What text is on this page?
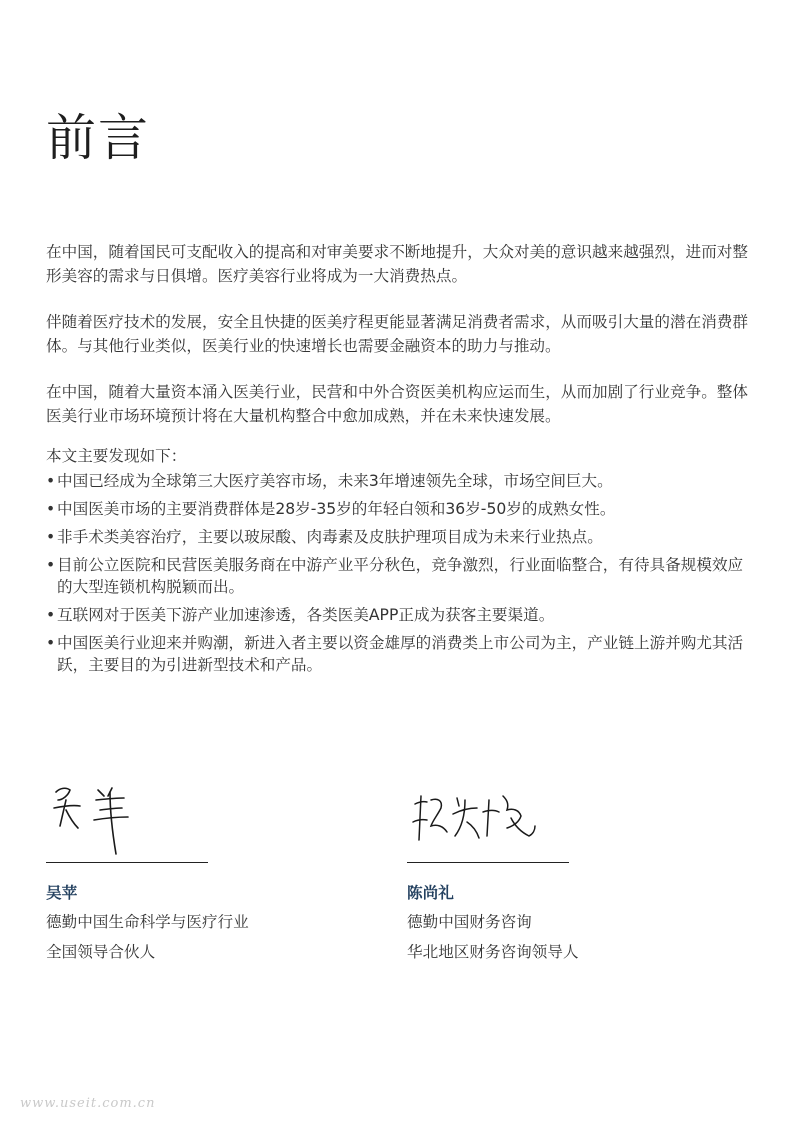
前言

在中国，随着国民可支配收入的提高和对审美要求不断地提升，大众对美的意识越来越强烈，进而对整形美容的需求与日俱增。医疗美容行业将成为一大消费热点。

伴随着医疗技术的发展，安全且快捷的医美疗程更能显著满足消费者需求，从而吸引大量的潜在消费群体。与其他行业类似，医美行业的快速增长也需要金融资本的助力与推动。

在中国，随着大量资本涌入医美行业，民营和中外合资医美机构应运而生，从而加剧了行业竞争。整体医美行业市场环境预计将在大量机构整合中愈加成熟，并在未来快速发展。

本文主要发现如下：

• 中国已经成为全球第三大医疗美容市场，未来3年增速领先全球，市场空间巨大。
• 中国医美市场的主要消费群体是28岁-35岁的年轻白领和36岁-50岁的成熟女性。
• 非手术类美容治疗，主要以玻尿酸、肉毒素及皮肤护理项目成为未来行业热点。
• 目前公立医院和民营医美服务商在中游产业平分秋色，竞争激烈，行业面临整合，有待具备规模效应的大型连锁机构脱颖而出。
• 互联网对于医美下游产业加速渗透，各类医美APP正成为获客主要渠道。
• 中国医美行业迎来并购潮，新进入者主要以资金雄厚的消费类上市公司为主，产业链上游并购尤其活跃，主要目的为引进新型技术和产品。
吴苹
德勤中国生命科学与医疗行业
全国领导合伙人
陈尚礼
德勤中国财务咨询
华北地区财务咨询领导人
www.useit.com.cn
